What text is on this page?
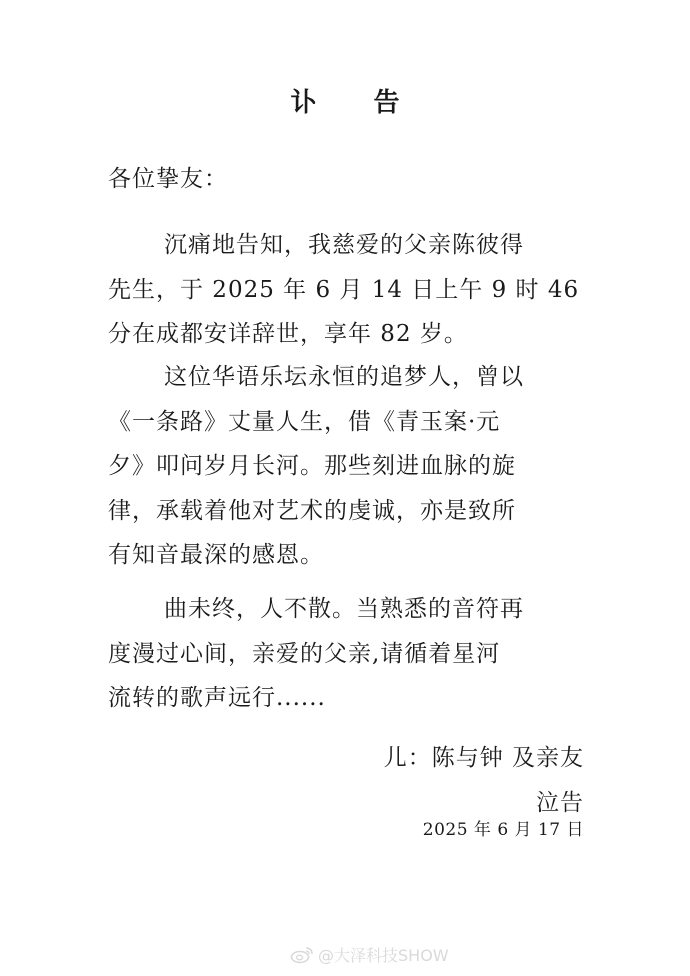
讣 告
各位挚友：
沉痛地告知，我慈爱的父亲陈彼得
先生，于 2025 年 6 月 14 日上午 9 时 46
分在成都安详辞世，享年 82 岁。
这位华语乐坛永恒的追梦人，曾以
《一条路》丈量人生，借《青玉案·元
夕》叩问岁月长河。那些刻进血脉的旋
律，承载着他对艺术的虔诚，亦是致所
有知音最深的感恩。
曲未终，人不散。当熟悉的音符再
度漫过心间，亲爱的父亲,请循着星河
流转的歌声远行......
儿：陈与钟 及亲友
泣告
2025 年 6 月 17 日
@大泽科技SHOW
